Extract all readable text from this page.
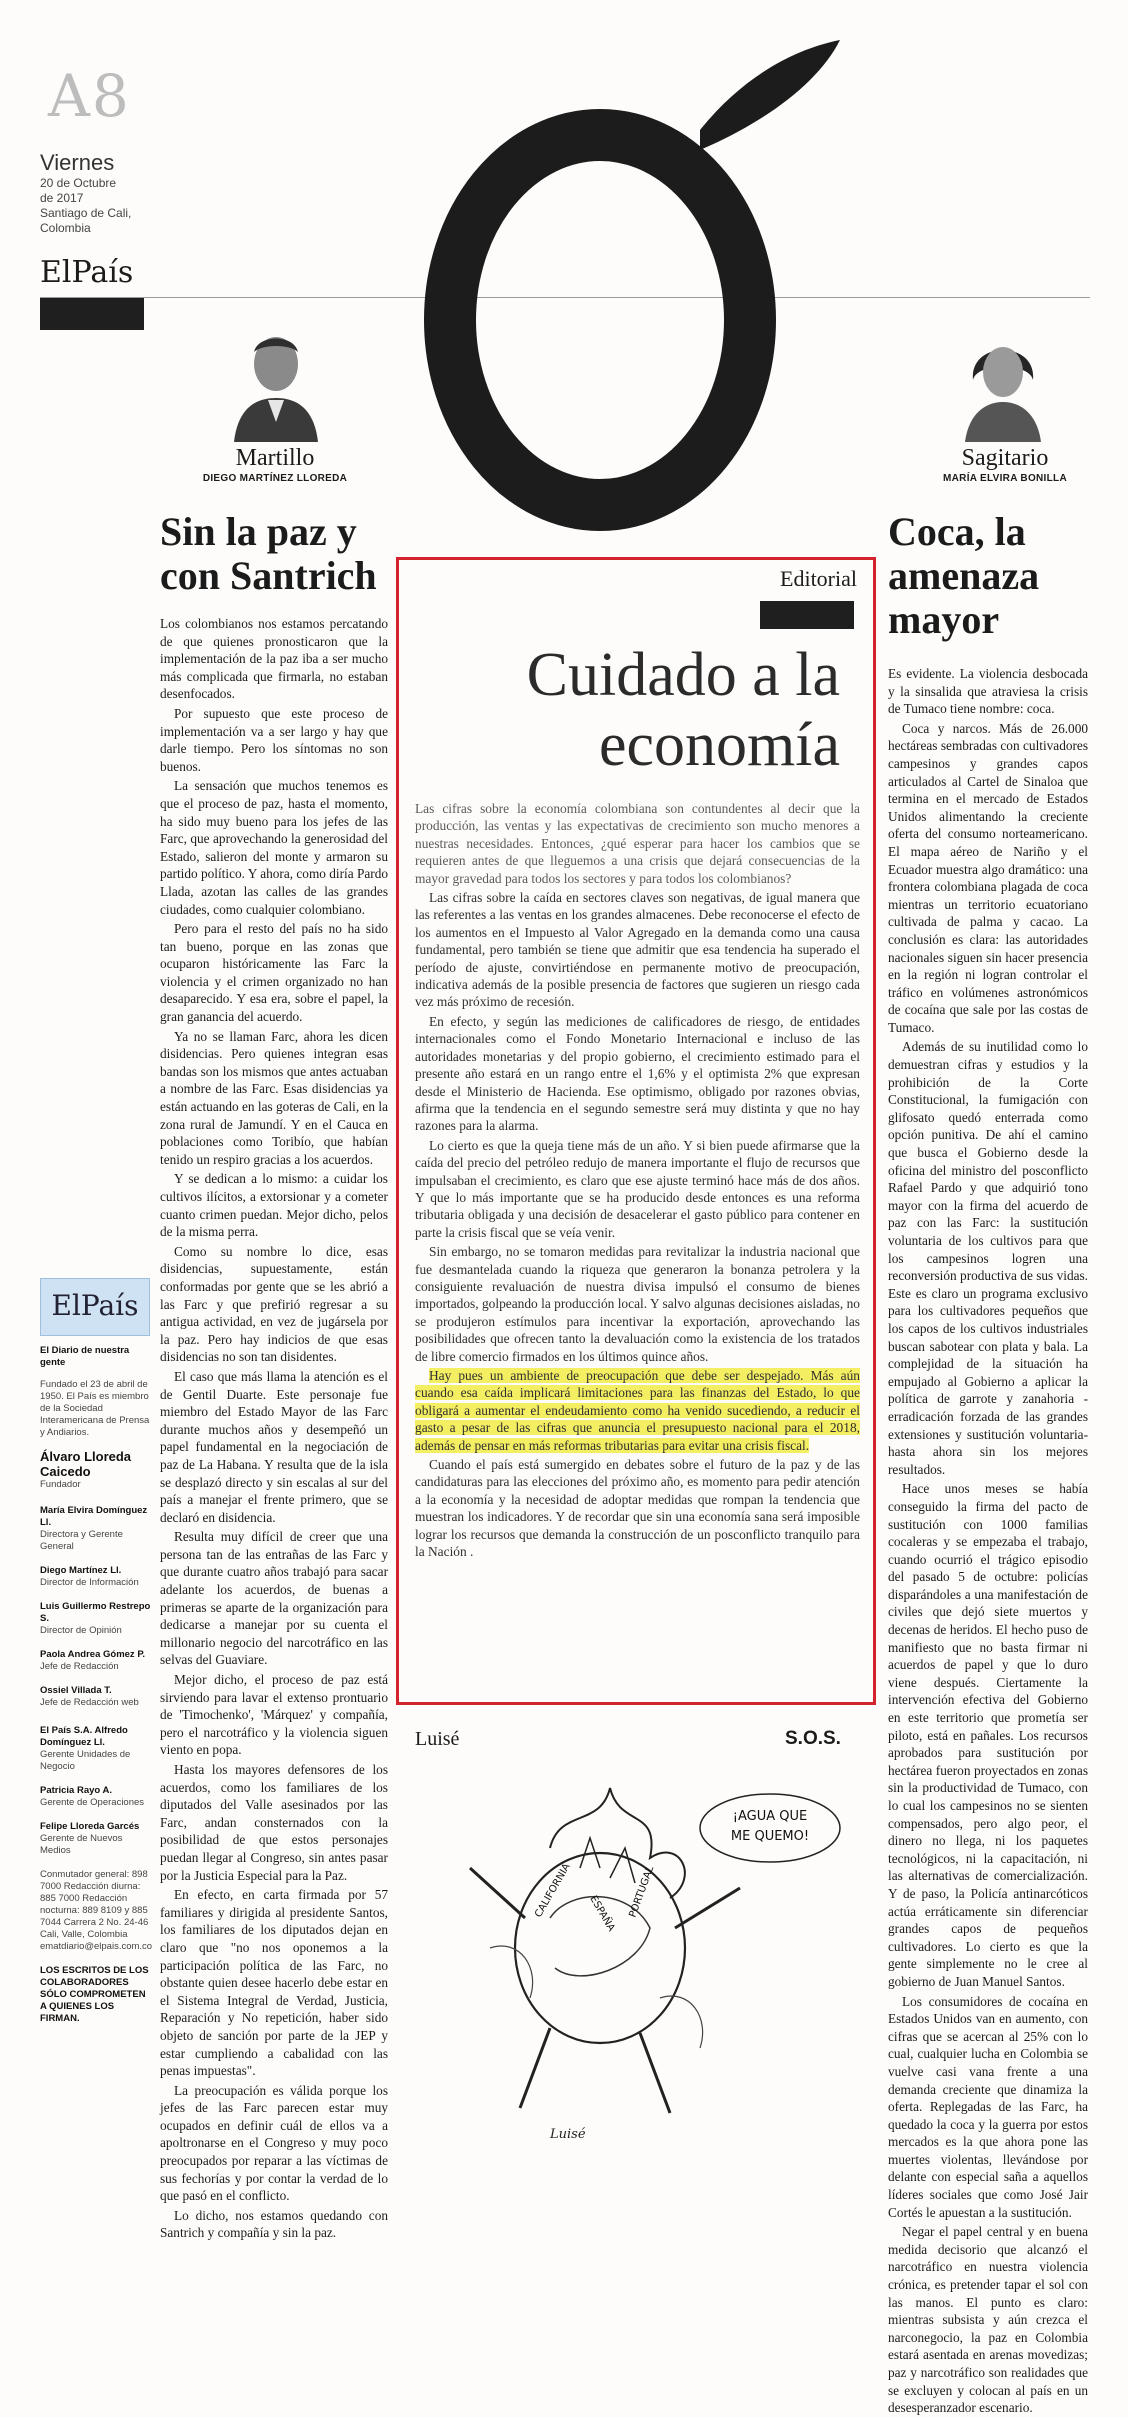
A8
Viernes
20 de Octubre
de 2017
Santiago de Cali,
Colombia
ElPaís
Martillo
DIEGO MARTÍNEZ LLOREDA
Sagitario
MARÍA ELVIRA BONILLA
Sin la paz y con Santrich

Los colombianos nos estamos percatando de que quienes pronosticaron que la implementación de la paz iba a ser mucho más complicada que firmarla, no estaban desenfocados.

Por supuesto que este proceso de implementación va a ser largo y hay que darle tiempo. Pero los síntomas no son buenos.

La sensación que muchos tenemos es que el proceso de paz, hasta el momento, ha sido muy bueno para los jefes de las Farc, que aprovechando la generosidad del Estado, salieron del monte y armaron su partido político. Y ahora, como diría Pardo Llada, azotan las calles de las grandes ciudades, como cualquier colombiano.

Pero para el resto del país no ha sido tan bueno, porque en las zonas que ocuparon históricamente las Farc la violencia y el crimen organizado no han desaparecido. Y esa era, sobre el papel, la gran ganancia del acuerdo.

Ya no se llaman Farc, ahora les dicen disidencias. Pero quienes integran esas bandas son los mismos que antes actuaban a nombre de las Farc. Esas disidencias ya están actuando en las goteras de Cali, en la zona rural de Jamundí. Y en el Cauca en poblaciones como Toribío, que habían tenido un respiro gracias a los acuerdos.

Y se dedican a lo mismo: a cuidar los cultivos ilícitos, a extorsionar y a cometer cuanto crimen puedan. Mejor dicho, pelos de la misma perra.

Como su nombre lo dice, esas disidencias, supuestamente, están conformadas por gente que se les abrió a las Farc y que prefirió regresar a su antigua actividad, en vez de jugársela por la paz. Pero hay indicios de que esas disidencias no son tan disidentes.

El caso que más llama la atención es el de Gentil Duarte. Este personaje fue miembro del Estado Mayor de las Farc durante muchos años y desempeñó un papel fundamental en la negociación de paz de La Habana. Y resulta que de la isla se desplazó directo y sin escalas al sur del país a manejar el frente primero, que se declaró en disidencia.

Resulta muy difícil de creer que una persona tan de las entrañas de las Farc y que durante cuatro años trabajó para sacar adelante los acuerdos, de buenas a primeras se aparte de la organización para dedicarse a manejar por su cuenta el millonario negocio del narcotráfico en las selvas del Guaviare.

Mejor dicho, el proceso de paz está sirviendo para lavar el extenso prontuario de 'Timochenko', 'Márquez' y compañía, pero el narcotráfico y la violencia siguen viento en popa.

Hasta los mayores defensores de los acuerdos, como los familiares de los diputados del Valle asesinados por las Farc, andan consternados con la posibilidad de que estos personajes puedan llegar al Congreso, sin antes pasar por la Justicia Especial para la Paz.

En efecto, en carta firmada por 57 familiares y dirigida al presidente Santos, los familiares de los diputados dejan en claro que "no nos oponemos a la participación política de las Farc, no obstante quien desee hacerlo debe estar en el Sistema Integral de Verdad, Justicia, Reparación y No repetición, haber sido objeto de sanción por parte de la JEP y estar cumpliendo a cabalidad con las penas impuestas".

La preocupación es válida porque los jefes de las Farc parecen estar muy ocupados en definir cuál de ellos va a apoltronarse en el Congreso y muy poco preocupados por reparar a las víctimas de sus fechorías y por contar la verdad de lo que pasó en el conflicto.

Lo dicho, nos estamos quedando con Santrich y compañía y sin la paz.

ElPaís
El Diario de nuestra gente
Fundado el 23 de abril de 1950. El País es miembro de la Sociedad Interamericana de Prensa y Andiarios.
Álvaro Lloreda Caicedo
Fundador
María Elvira Domínguez Ll.
Directora y Gerente General
Diego Martínez Ll.
Director de Información
Luis Guillermo Restrepo S.
Director de Opinión
Paola Andrea Gómez P.
Jefe de Redacción
Ossiel Villada T.
Jefe de Redacción web
El País S.A. Alfredo Domínguez Ll.
Gerente Unidades de Negocio
Patricia Rayo A.
Gerente de Operaciones
Felipe Lloreda Garcés
Gerente de Nuevos Medios
Conmutador general: 898 7000 Redacción diurna: 885 7000 Redacción nocturna: 889 8109 y 885 7044 Carrera 2 No. 24-46 Cali, Valle, Colombia ematdiario@elpais.com.co
LOS ESCRITOS DE LOS COLABORADORES SÓLO COMPROMETEN A QUIENES LOS FIRMAN.
Editorial
Cuidado a la
economía

Las cifras sobre la economía colombiana son contundentes al decir que la producción, las ventas y las expectativas de crecimiento son mucho menores a nuestras necesidades. Entonces, ¿qué esperar para hacer los cambios que se requieren antes de que lleguemos a una crisis que dejará consecuencias de la mayor gravedad para todos los sectores y para todos los colombianos?

Las cifras sobre la caída en sectores claves son negativas, de igual manera que las referentes a las ventas en los grandes almacenes. Debe reconocerse el efecto de los aumentos en el Impuesto al Valor Agregado en la demanda como una causa fundamental, pero también se tiene que admitir que esa tendencia ha superado el período de ajuste, convirtiéndose en permanente motivo de preocupación, indicativa además de la posible presencia de factores que sugieren un riesgo cada vez más próximo de recesión.

En efecto, y según las mediciones de calificadores de riesgo, de entidades internacionales como el Fondo Monetario Internacional e incluso de las autoridades monetarias y del propio gobierno, el crecimiento estimado para el presente año estará en un rango entre el 1,6% y el optimista 2% que expresan desde el Ministerio de Hacienda. Ese optimismo, obligado por razones obvias, afirma que la tendencia en el segundo semestre será muy distinta y que no hay razones para la alarma.

Lo cierto es que la queja tiene más de un año. Y si bien puede afirmarse que la caída del precio del petróleo redujo de manera importante el flujo de recursos que impulsaban el crecimiento, es claro que ese ajuste terminó hace más de dos años. Y que lo más importante que se ha producido desde entonces es una reforma tributaria obligada y una decisión de desacelerar el gasto público para contener en parte la crisis fiscal que se veía venir.

Sin embargo, no se tomaron medidas para revitalizar la industria nacional que fue desmantelada cuando la riqueza que generaron la bonanza petrolera y la consiguiente revaluación de nuestra divisa impulsó el consumo de bienes importados, golpeando la producción local. Y salvo algunas decisiones aisladas, no se produjeron estímulos para incentivar la exportación, aprovechando las posibilidades que ofrecen tanto la devaluación como la existencia de los tratados de libre comercio firmados en los últimos quince años.

Hay pues un ambiente de preocupación que debe ser despejado. Más aún cuando esa caída implicará limitaciones para las finanzas del Estado, lo que obligará a aumentar el endeudamiento como ha venido sucediendo, a reducir el gasto a pesar de las cifras que anuncia el presupuesto nacional para el 2018, además de pensar en más reformas tributarias para evitar una crisis fiscal.

Cuando el país está sumergido en debates sobre el futuro de la paz y de las candidaturas para las elecciones del próximo año, es momento para pedir atención a la economía y la necesidad de adoptar medidas que rompan la tendencia que muestran los indicadores. Y de recordar que sin una economía sana será imposible lograr los recursos que demanda la construcción de un posconflicto tranquilo para la Nación .

Luisé	S.O.S.
¡AGUA QUE
ME QUEMO!
CALIFORNIA ESPAÑA PORTUGAL
Luisé
Coca, la amenaza mayor

Es evidente. La violencia desbocada y la sinsalida que atraviesa la crisis de Tumaco tiene nombre: coca.

Coca y narcos. Más de 26.000 hectáreas sembradas con cultivadores campesinos y grandes capos articulados al Cartel de Sinaloa que termina en el mercado de Estados Unidos alimentando la creciente oferta del consumo norteamericano. El mapa aéreo de Nariño y el Ecuador muestra algo dramático: una frontera colombiana plagada de coca mientras un territorio ecuatoriano cultivada de palma y cacao. La conclusión es clara: las autoridades nacionales siguen sin hacer presencia en la región ni logran controlar el tráfico en volúmenes astronómicos de cocaína que sale por las costas de Tumaco.

Además de su inutilidad como lo demuestran cifras y estudios y la prohibición de la Corte Constitucional, la fumigación con glifosato quedó enterrada como opción punitiva. De ahí el camino que busca el Gobierno desde la oficina del ministro del posconflicto Rafael Pardo y que adquirió tono mayor con la firma del acuerdo de paz con las Farc: la sustitución voluntaria de los cultivos para que los campesinos logren una reconversión productiva de sus vidas. Este es claro un programa exclusivo para los cultivadores pequeños que los capos de los cultivos industriales buscan sabotear con plata y bala. La complejidad de la situación ha empujado al Gobierno a aplicar la política de garrote y zanahoria -erradicación forzada de las grandes extensiones y sustitución voluntaria- hasta ahora sin los mejores resultados.

Hace unos meses se había conseguido la firma del pacto de sustitución con 1000 familias cocaleras y se empezaba el trabajo, cuando ocurrió el trágico episodio del pasado 5 de octubre: policías disparándoles a una manifestación de civiles que dejó siete muertos y decenas de heridos. El hecho puso de manifiesto que no basta firmar ni acuerdos de papel y que lo duro viene después. Ciertamente la intervención efectiva del Gobierno en este territorio que prometía ser piloto, está en pañales. Los recursos aprobados para sustitución por hectárea fueron proyectados en zonas sin la productividad de Tumaco, con lo cual los campesinos no se sienten compensados, pero algo peor, el dinero no llega, ni los paquetes tecnológicos, ni la capacitación, ni las alternativas de comercialización. Y de paso, la Policía antinarcóticos actúa erráticamente sin diferenciar grandes capos de pequeños cultivadores. Lo cierto es que la gente simplemente no le cree al gobierno de Juan Manuel Santos.

Los consumidores de cocaína en Estados Unidos van en aumento, con cifras que se acercan al 25% con lo cual, cualquier lucha en Colombia se vuelve casi vana frente a una demanda creciente que dinamiza la oferta. Replegadas de las Farc, ha quedado la coca y la guerra por estos mercados es la que ahora pone las muertes violentas, llevándose por delante con especial saña a aquellos líderes sociales que como José Jair Cortés le apuestan a la sustitución.

Negar el papel central y en buena medida decisorio que alcanzó el narcotráfico en nuestra violencia crónica, es pretender tapar el sol con las manos. El punto es claro: mientras subsista y aún crezca el narconegocio, la paz en Colombia estará asentada en arenas movedizas; paz y narcotráfico son realidades que se excluyen y colocan al país en un desesperanzador escenario.
